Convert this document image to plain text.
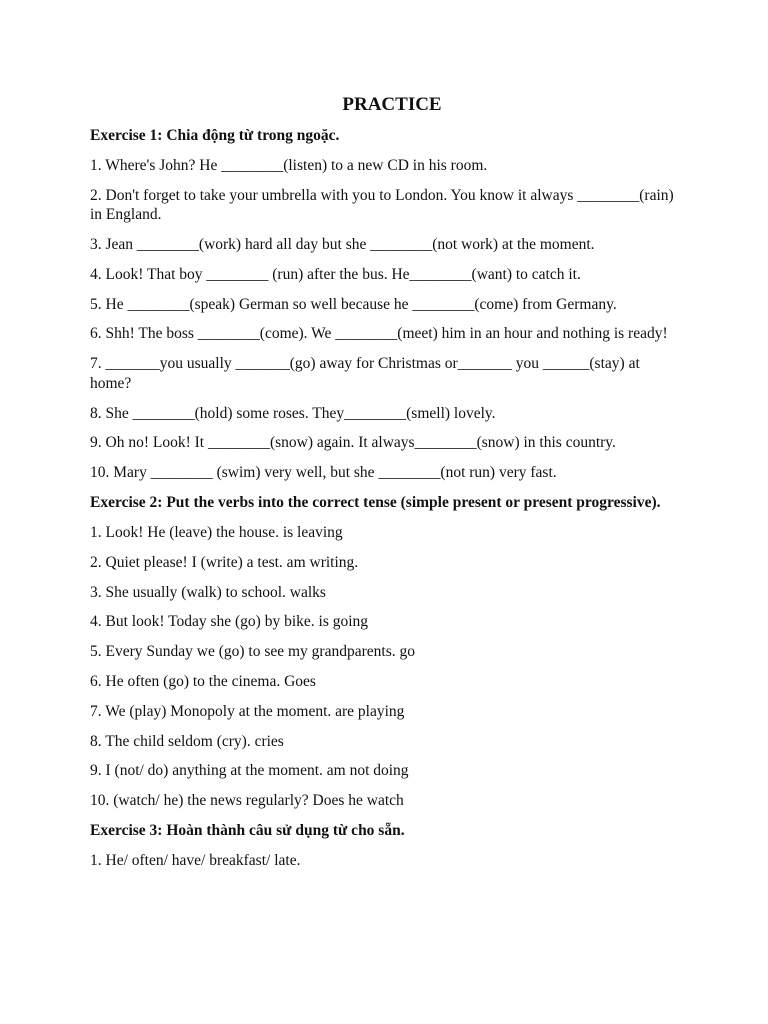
PRACTICE

Exercise 1: Chia động từ trong ngoặc.

1. Where's John? He ________(listen) to a new CD in his room.

2. Don't forget to take your umbrella with you to London. You know it always ________(rain) in England.

3. Jean ________(work) hard all day but she ________(not work) at the moment.

4. Look! That boy ________ (run) after the bus. He________(want) to catch it.

5. He ________(speak) German so well because he ________(come) from Germany.

6. Shh! The boss ________(come). We ________(meet) him in an hour and nothing is ready!

7. _______you usually _______(go) away for Christmas or_______ you ______(stay) at home?

8. She ________(hold) some roses. They________(smell) lovely.

9. Oh no! Look! It ________(snow) again. It always________(snow) in this country.

10. Mary ________ (swim) very well, but she ________(not run) very fast.

Exercise 2: Put the verbs into the correct tense (simple present or present progressive).

1. Look! He (leave) the house. is leaving

2. Quiet please! I (write) a test. am writing.

3. She usually (walk) to school. walks

4. But look! Today she (go) by bike. is going

5. Every Sunday we (go) to see my grandparents. go

6. He often (go) to the cinema. Goes

7. We (play) Monopoly at the moment. are playing

8. The child seldom (cry). cries

9. I (not/ do) anything at the moment. am not doing

10. (watch/ he) the news regularly? Does he watch

Exercise 3: Hoàn thành câu sử dụng từ cho sẵn.

1. He/ often/ have/ breakfast/ late.
